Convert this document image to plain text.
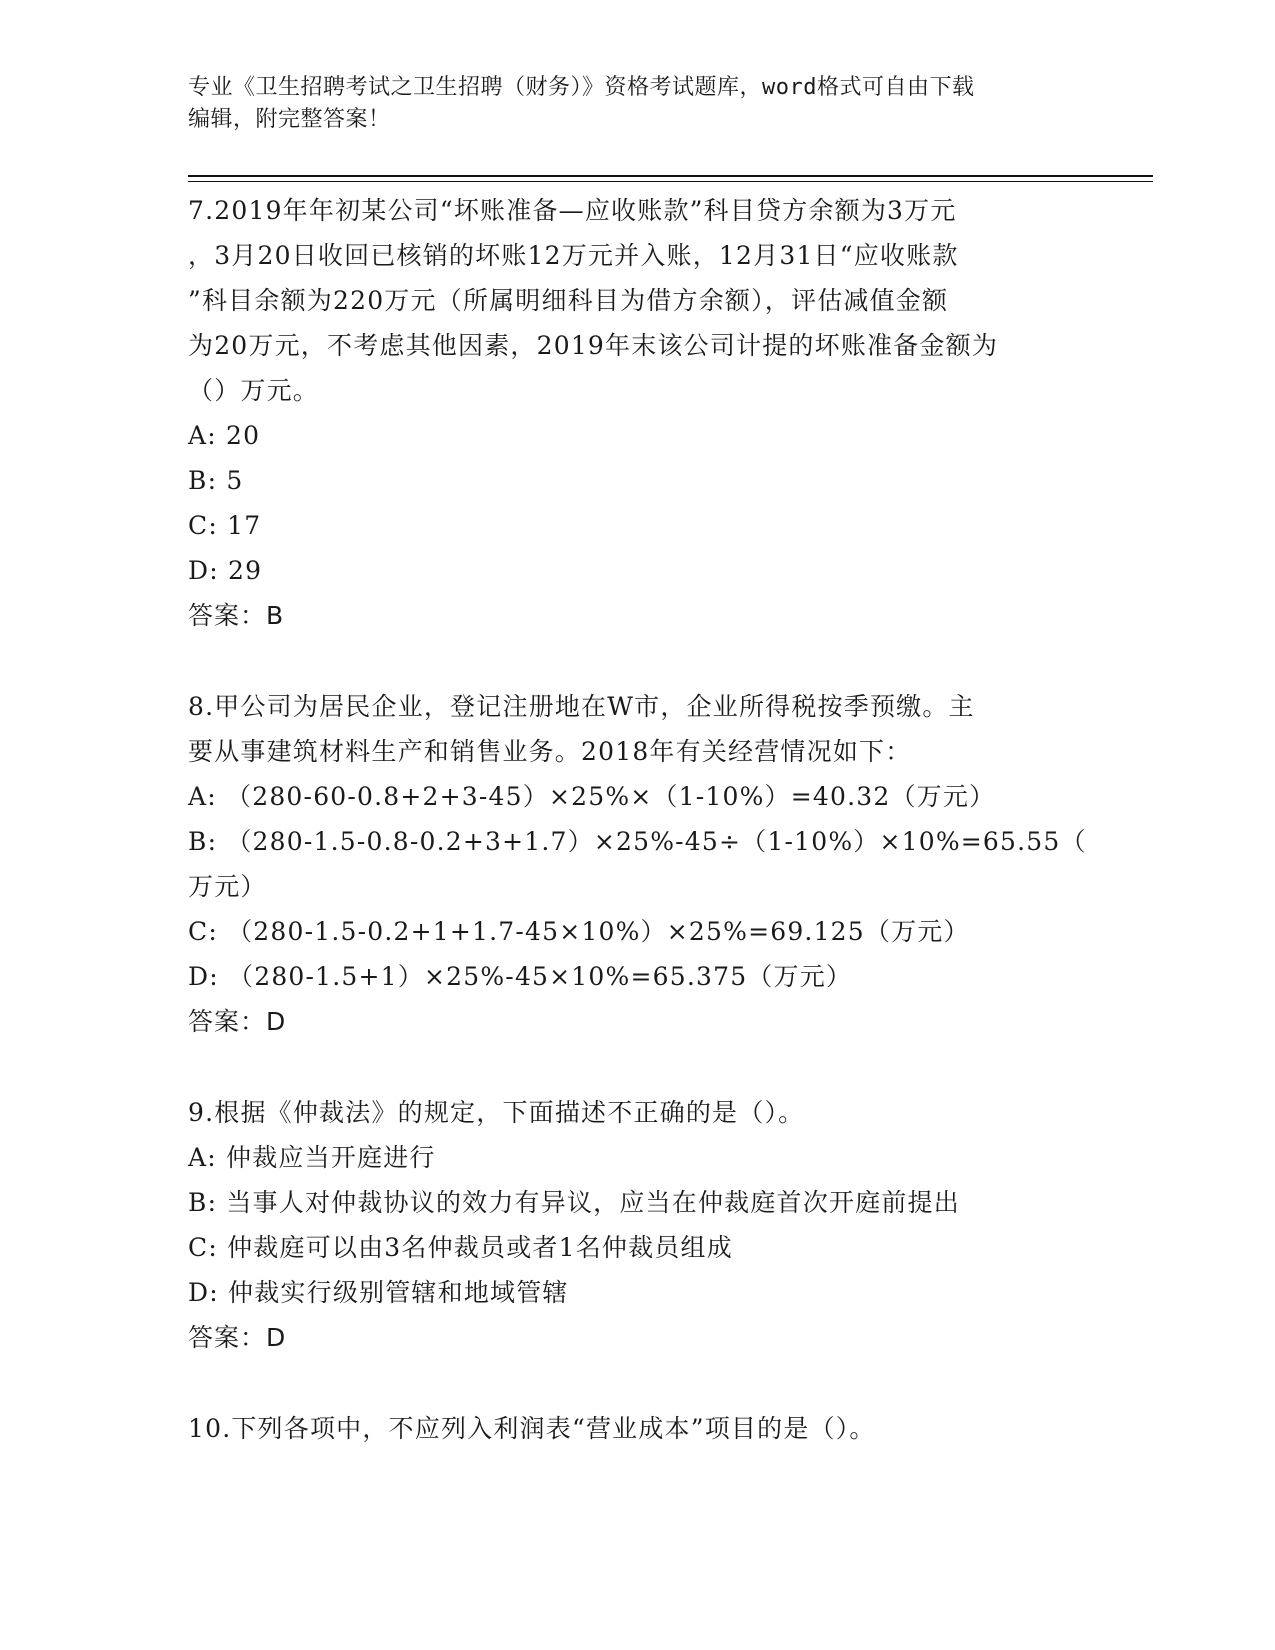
专业《卫生招聘考试之卫生招聘（财务）》资格考试题库，word格式可自由下载
编辑，附完整答案！
7.2019年年初某公司“坏账准备—应收账款”科目贷方余额为3万元
，3月20日收回已核销的坏账12万元并入账，12月31日“应收账款
”科目余额为220万元（所属明细科目为借方余额），评估减值金额
为20万元，不考虑其他因素，2019年末该公司计提的坏账准备金额为
（）万元。
A: 20
B: 5
C: 17
D: 29
答案：B
8.甲公司为居民企业，登记注册地在W市，企业所得税按季预缴。主
要从事建筑材料生产和销售业务。2018年有关经营情况如下：
A: （280-60-0.8+2+3-45）×25%×（1-10%）=40.32（万元）
B: （280-1.5-0.8-0.2+3+1.7）×25%-45÷（1-10%）×10%=65.55（
万元）
C: （280-1.5-0.2+1+1.7-45×10%）×25%=69.125（万元）
D: （280-1.5+1）×25%-45×10%=65.375（万元）
答案：D
9.根据《仲裁法》的规定，下面描述不正确的是（）。
A: 仲裁应当开庭进行
B: 当事人对仲裁协议的效力有异议，应当在仲裁庭首次开庭前提出
C: 仲裁庭可以由3名仲裁员或者1名仲裁员组成
D: 仲裁实行级别管辖和地域管辖
答案：D
10.下列各项中，不应列入利润表“营业成本”项目的是（）。
